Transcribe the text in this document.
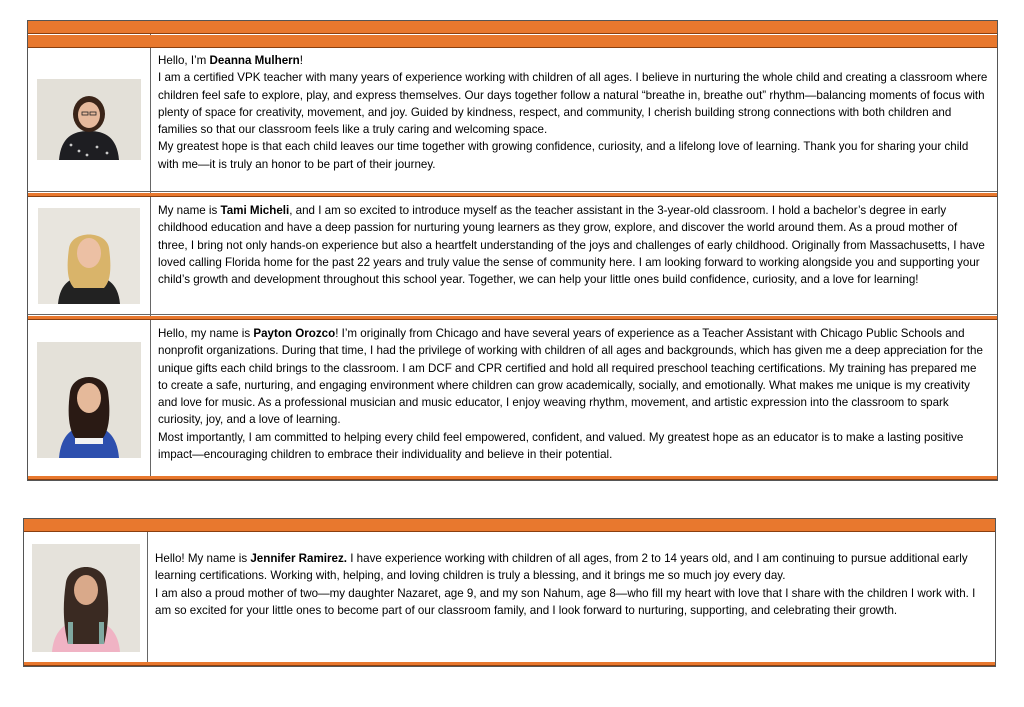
Hello, I’m Deanna Mulhern!

I am a certified VPK teacher with many years of experience working with children of all ages. I believe in nurturing the whole child and creating a classroom where children feel safe to explore, play, and express themselves. Our days together follow a natural “breathe in, breathe out” rhythm—balancing moments of focus with plenty of space for creativity, movement, and joy. Guided by kindness, respect, and community, I cherish building strong connections with both children and families so that our classroom feels like a truly caring and welcoming space.

My greatest hope is that each child leaves our time together with growing confidence, curiosity, and a lifelong love of learning. Thank you for sharing your child with me—it is truly an honor to be part of their journey.

My name is Tami Micheli, and I am so excited to introduce myself as the teacher assistant in the 3-year-old classroom. I hold a bachelor’s degree in early childhood education and have a deep passion for nurturing young learners as they grow, explore, and discover the world around them. As a proud mother of three, I bring not only hands-on experience but also a heartfelt understanding of the joys and challenges of early childhood. Originally from Massachusetts, I have loved calling Florida home for the past 22 years and truly value the sense of community here. I am looking forward to working alongside you and supporting your child’s growth and development throughout this school year. Together, we can help your little ones build confidence, curiosity, and a love for learning!

Hello, my name is Payton Orozco! I’m originally from Chicago and have several years of experience as a Teacher Assistant with Chicago Public Schools and nonprofit organizations. During that time, I had the privilege of working with children of all ages and backgrounds, which has given me a deep appreciation for the unique gifts each child brings to the classroom. I am DCF and CPR certified and hold all required preschool teaching certifications. My training has prepared me to create a safe, nurturing, and engaging environment where children can grow academically, socially, and emotionally. What makes me unique is my creativity and love for music. As a professional musician and music educator, I enjoy weaving rhythm, movement, and artistic expression into the classroom to spark curiosity, joy, and a love of learning.

Most importantly, I am committed to helping every child feel empowered, confident, and valued. My greatest hope as an educator is to make a lasting positive impact—encouraging children to embrace their individuality and believe in their potential.

Hello! My name is Jennifer Ramirez. I have experience working with children of all ages, from 2 to 14 years old, and I am continuing to pursue additional early learning certifications. Working with, helping, and loving children is truly a blessing, and it brings me so much joy every day.

I am also a proud mother of two—my daughter Nazaret, age 9, and my son Nahum, age 8—who fill my heart with love that I share with the children I work with. I am so excited for your little ones to become part of our classroom family, and I look forward to nurturing, supporting, and celebrating their growth.
